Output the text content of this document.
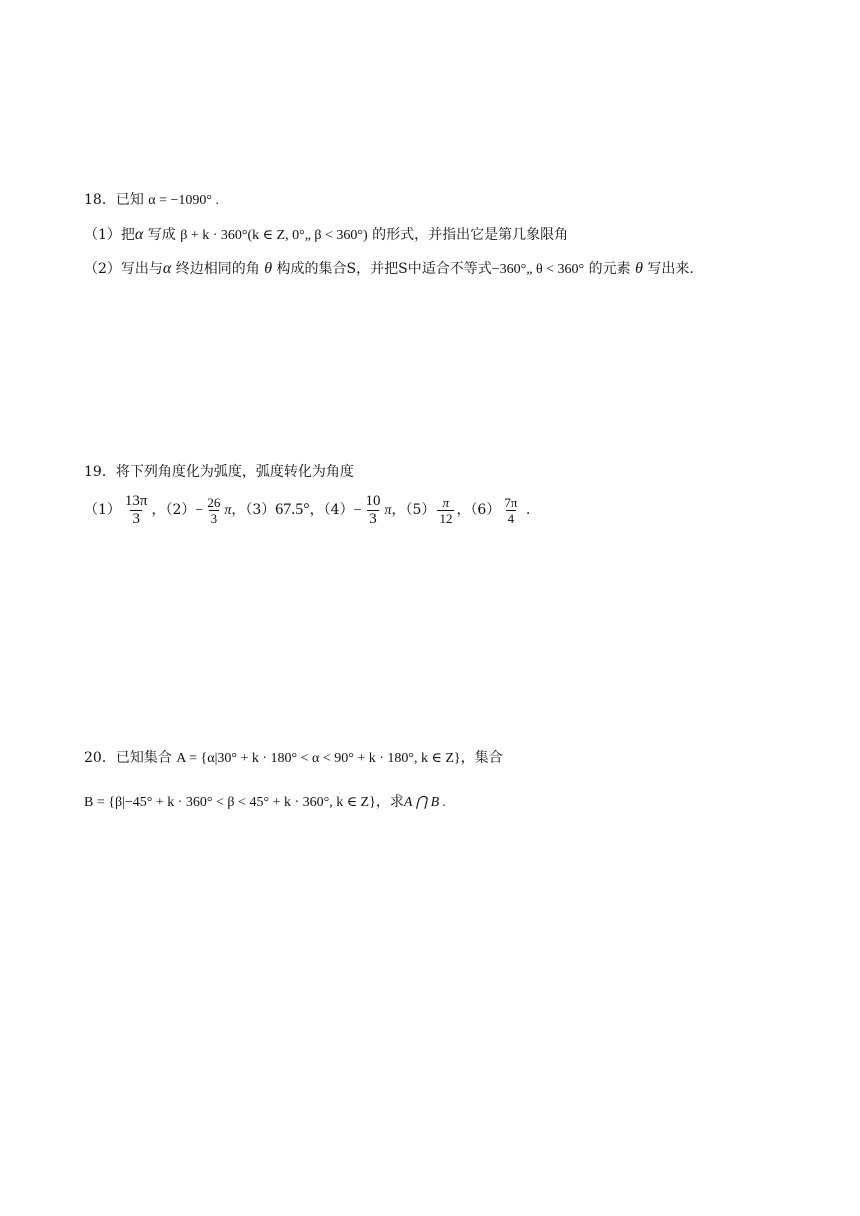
18．已知 α = −1090° .
（1）把α 写成 β + k · 360°(k ∈ Z, 0°„ β < 360°) 的形式，并指出它是第几象限角
（2）写出与α 终边相同的角 θ 构成的集合S，并把S中适合不等式−360°„ θ < 360° 的元素 θ 写出来.
19．将下列角度化为弧度，弧度转化为角度
$(1) \frac{13\pi}{3}$ ，$(2)- \frac{26}{3}$ π，（3）67.5°，$(4)- \frac{10}{3}$ π，$(5) \frac{\pi}{12}$ ，$(6) \frac{7\pi}{4}$ .
20．已知集合 A = {α|30° + k · 180° < α < 90° + k · 180°, k ∈ Z}，集合
B = {β|−45° + k · 360° < β < 45° + k · 360°, k ∈ Z}，求A ⋂ B .
